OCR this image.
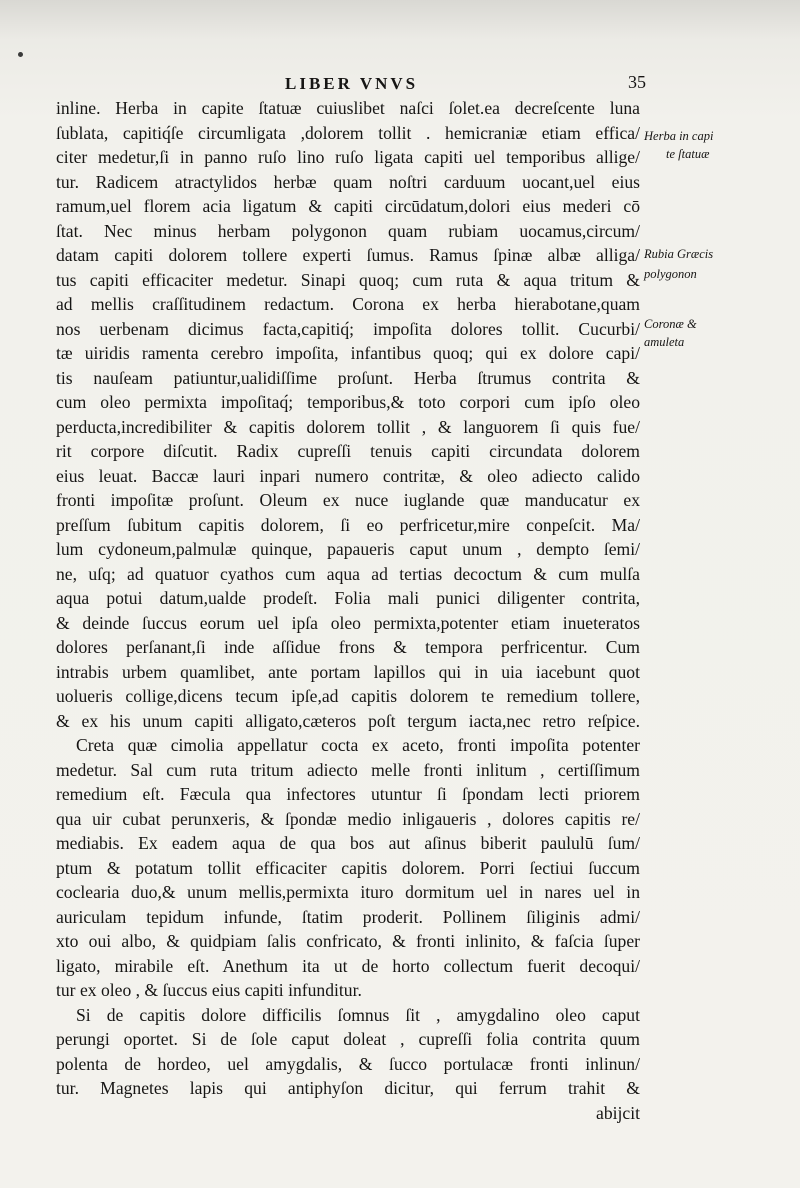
LIBER VNVS	35
inline. Herba in capite ſtatuæ cuiuslibet naſci ſolet.ea decreſcente luna
ſublata, capitiq́ſe circumligata ,dolorem tollit . hemicraniæ etiam effica/
citer medetur,ſi in panno ruſo lino ruſo ligata capiti uel temporibus allige/
tur. Radicem atractylidos herbæ quam noſtri carduum uocant,uel eius
ramum,uel florem acia ligatum & capiti circūdatum,dolori eius mederi cō
ſtat. Nec minus herbam polygonon quam rubiam uocamus,circum/
datam capiti dolorem tollere experti ſumus. Ramus ſpinæ albæ alliga/
tus capiti efficaciter medetur. Sinapi quoq; cum ruta & aqua tritum &
ad mellis craſſitudinem redactum. Corona ex herba hierabotane,quam
nos uerbenam dicimus facta,capitiq́; impoſita dolores tollit. Cucurbi/
tæ uiridis ramenta cerebro impoſita, infantibus quoq; qui ex dolore capi/
tis nauſeam patiuntur,ualidiſſime proſunt. Herba ſtrumus contrita &
cum oleo permixta impoſitaq́; temporibus,& toto corpori cum ipſo oleo
perducta,incredibiliter & capitis dolorem tollit , & languorem ſi quis fue/
rit corpore diſcutit. Radix cupreſſi tenuis capiti circundata dolorem
eius leuat. Baccæ lauri inpari numero contritæ, & oleo adiecto calido
fronti impoſitæ proſunt. Oleum ex nuce iuglande quæ manducatur ex
preſſum ſubitum capitis dolorem, ſi eo perfricetur,mire conpeſcit. Ma/
lum cydoneum,palmulæ quinque, papaueris caput unum , dempto ſemi/
ne, uſq; ad quatuor cyathos cum aqua ad tertias decoctum & cum mulſa
aqua potui datum,ualde prodeſt. Folia mali punici diligenter contrita,
& deinde ſuccus eorum uel ipſa oleo permixta,potenter etiam inueteratos
dolores perſanant,ſi inde aſſidue frons & tempora perfricentur. Cum
intrabis urbem quamlibet, ante portam lapillos qui in uia iacebunt quot
uolueris collige,dicens tecum ipſe,ad capitis dolorem te remedium tollere,
& ex his unum capiti alligato,cæteros poſt tergum iacta,nec retro reſpice.
Creta quæ cimolia appellatur cocta ex aceto, fronti impoſita potenter
medetur. Sal cum ruta tritum adiecto melle fronti inlitum , certiſſimum
remedium eſt. Fæcula qua infectores utuntur ſi ſpondam lecti priorem
qua uir cubat perunxeris, & ſpondæ medio inligaueris , dolores capitis re/
mediabis. Ex eadem aqua de qua bos aut aſinus biberit paululū ſum/
ptum & potatum tollit efficaciter capitis dolorem. Porri ſectiui ſuccum
coclearia duo,& unum mellis,permixta ituro dormitum uel in nares uel in
auriculam tepidum infunde, ſtatim proderit. Pollinem ſiliginis admi/
xto oui albo, & quidpiam ſalis confricato, & fronti inlinito, & faſcia ſuper
ligato, mirabile eſt. Anethum ita ut de horto collectum fuerit decoqui/
tur ex oleo , & ſuccus eius capiti infunditur.
Si de capitis dolore difficilis ſomnus ſit , amygdalino oleo caput
perungi oportet. Si de ſole caput doleat , cupreſſi folia contrita quum
polenta de hordeo, uel amygdalis, & ſucco portulacæ fronti inlinun/
tur. Magnetes lapis qui antiphyſon dicitur, qui ferrum trahit &
abijcit
Herba in capi
te ſtatuæ
Rubia Græcis
polygonon
Coronæ &
amuleta
